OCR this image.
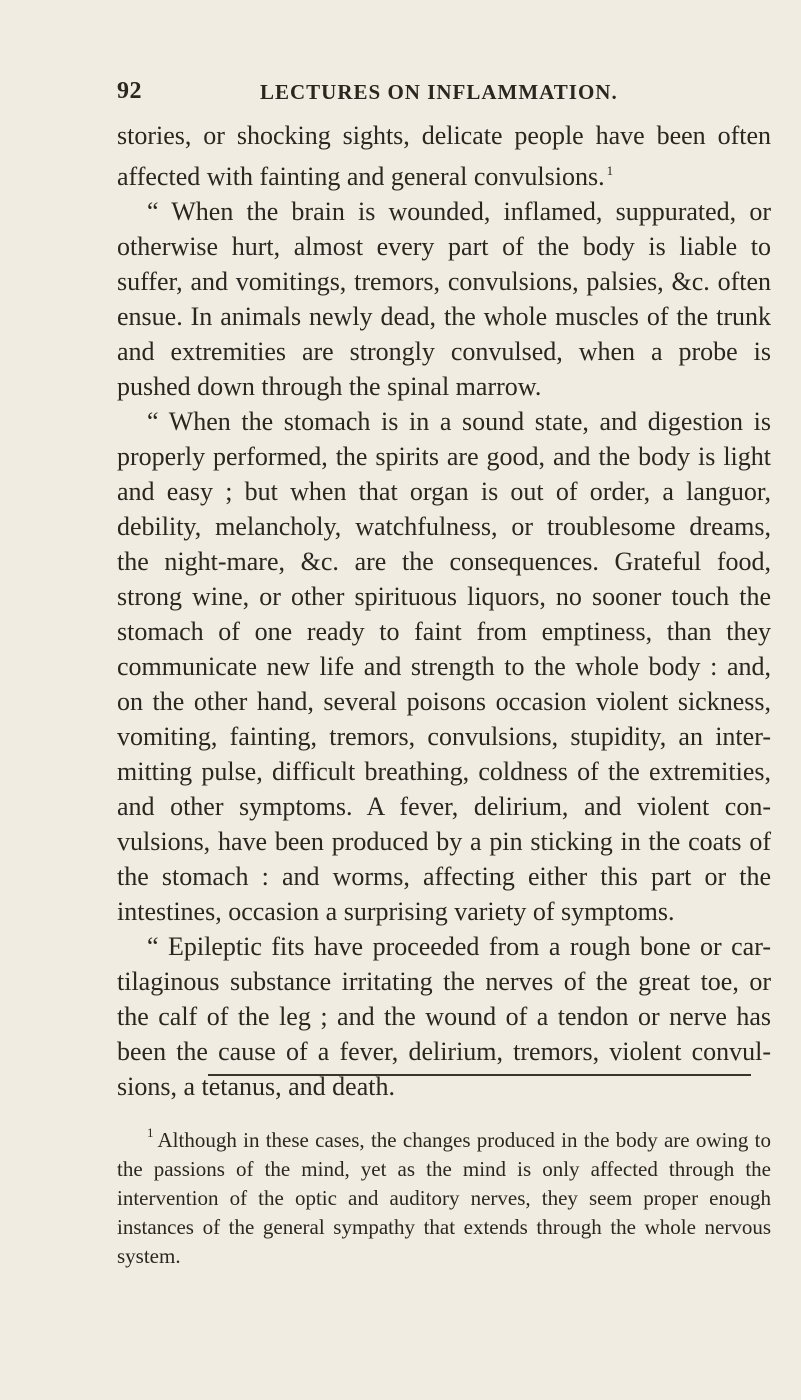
92	LECTURES ON INFLAMMATION.

stories, or shocking sights, delicate people have been often affected with fainting and general convulsions. $^1$

“ When the brain is wounded, inflamed, suppurated, or otherwise hurt, almost every part of the body is liable to suffer, and vomitings, tremors, convulsions, palsies, &c. often ensue. In animals newly dead, the whole muscles of the trunk and extremities are strongly convulsed, when a probe is pushed down through the spinal marrow.

“ When the stomach is in a sound state, and digestion is properly performed, the spirits are good, and the body is light and easy ; but when that organ is out of order, a languor, debility, melancholy, watchfulness, or troublesome dreams, the night-mare, &c. are the consequences. Grateful food, strong wine, or other spirituous liquors, no sooner touch the stomach of one ready to faint from emptiness, than they communicate new life and strength to the whole body : and, on the other hand, several poisons occasion violent sickness, vomiting, fainting, tremors, convulsions, stupidity, an inter-mitting pulse, difficult breathing, coldness of the extremities, and other symptoms. A fever, delirium, and violent con-vulsions, have been produced by a pin sticking in the coats of the stomach : and worms, affecting either this part or the intestines, occasion a surprising variety of symptoms.

“ Epileptic fits have proceeded from a rough bone or car-tilaginous substance irritating the nerves of the great toe, or the calf of the leg ; and the wound of a tendon or nerve has been the cause of a fever, delirium, tremors, violent convul-sions, a tetanus, and death.

$^1$ Although in these cases, the changes produced in the body are owing to the passions of the mind, yet as the mind is only affected through the intervention of the optic and auditory nerves, they seem proper enough instances of the general sympathy that extends through the whole nervous system.
